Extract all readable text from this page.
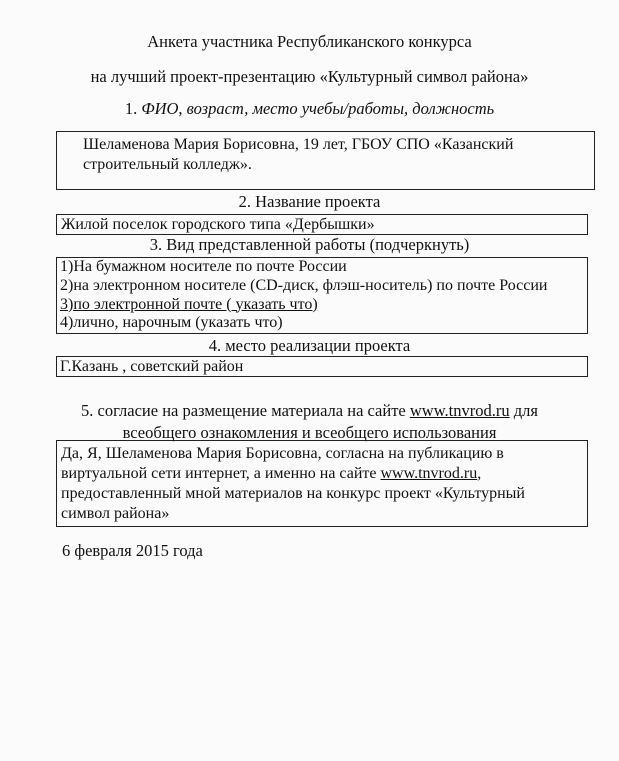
Анкета участника Республиканского конкурса
на лучший проект-презентацию «Культурный символ района»
1. ФИО, возраст, место учебы/работы, должность
Шеламенова Мария Борисовна, 19 лет, ГБОУ СПО «Казанский
строительный колледж».
2. Название проекта
Жилой поселок городского типа «Дербышки»
3. Вид представленной работы (подчеркнуть)
1)На бумажном носителе по почте России
2)на электронном носителе (CD-диск, флэш-носитель) по почте России
3)по электронной почте ( указать что)
4)лично, нарочным (указать что)
4. место реализации проекта
Г.Казань , советский район
5. согласие на размещение материала на сайте www.tnvrod.ru для
всеобщего ознакомления и всеобщего использования
Да, Я, Шеламенова Мария Борисовна, согласна на публикацию в
виртуальной сети интернет, а именно на сайте www.tnvrod.ru,
предоставленный мной материалов на конкурс проект «Культурный
символ района»
6 февраля 2015 года
